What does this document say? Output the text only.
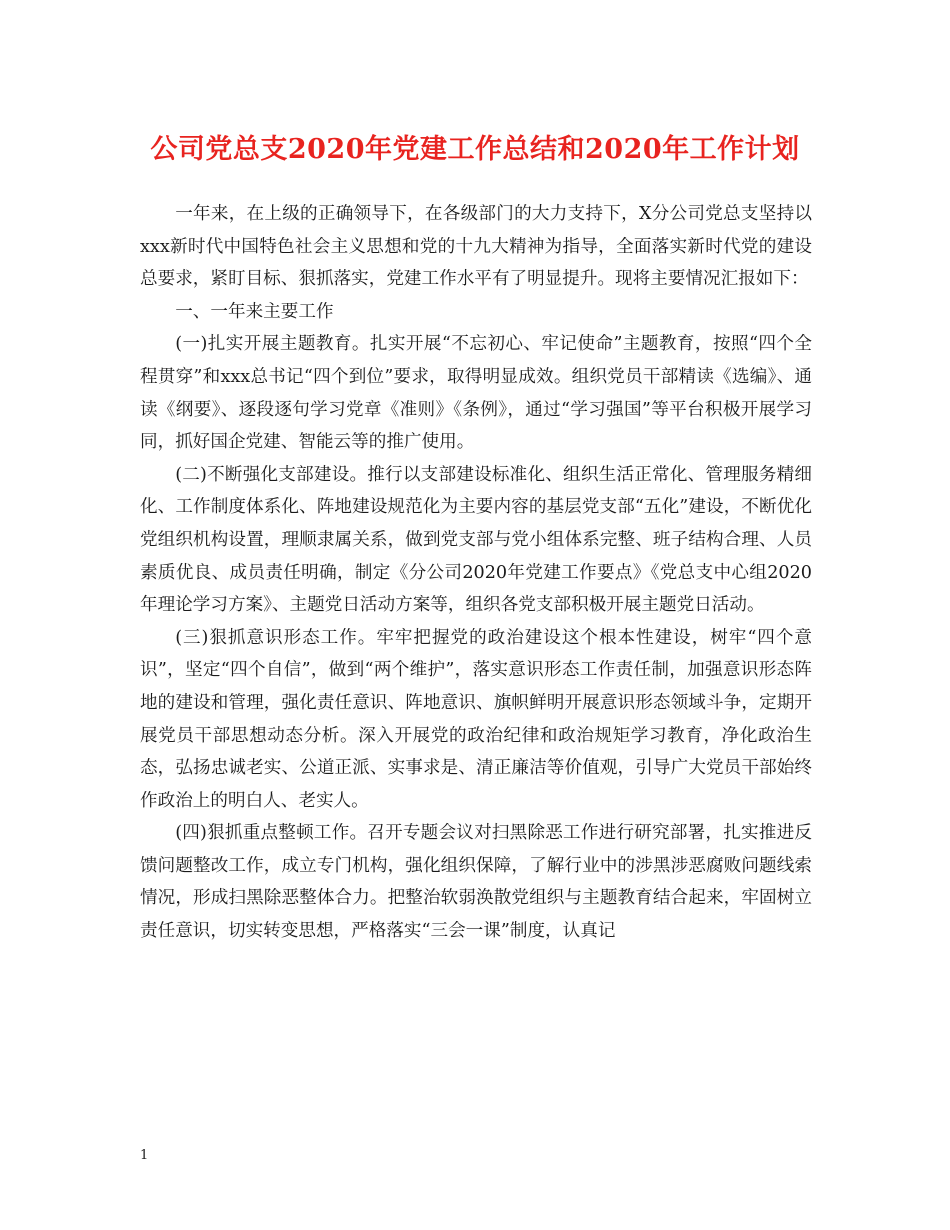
公司党总支2020年党建工作总结和2020年工作计划

一年来，在上级的正确领导下，在各级部门的大力支持下，X分公司党总支坚持以xxx新时代中国特色社会主义思想和党的十九大精神为指导，全面落实新时代党的建设总要求，紧盯目标、狠抓落实，党建工作水平有了明显提升。现将主要情况汇报如下：

一、一年来主要工作

(一)扎实开展主题教育。扎实开展“不忘初心、牢记使命”主题教育，按照“四个全程贯穿”和xxx总书记“四个到位”要求，取得明显成效。组织党员干部精读《选编》、通读《纲要》、逐段逐句学习党章《准则》《条例》，通过“学习强国”等平台积极开展学习同，抓好国企党建、智能云等的推广使用。

(二)不断强化支部建设。推行以支部建设标准化、组织生活正常化、管理服务精细化、工作制度体系化、阵地建设规范化为主要内容的基层党支部“五化”建设，不断优化党组织机构设置，理顺隶属关系，做到党支部与党小组体系完整、班子结构合理、人员素质优良、成员责任明确，制定《分公司2020年党建工作要点》《党总支中心组2020年理论学习方案》、主题党日活动方案等，组织各党支部积极开展主题党日活动。

(三)狠抓意识形态工作。牢牢把握党的政治建设这个根本性建设，树牢“四个意识”，坚定“四个自信”，做到“两个维护”，落实意识形态工作责任制，加强意识形态阵地的建设和管理，强化责任意识、阵地意识、旗帜鲜明开展意识形态领域斗争，定期开展党员干部思想动态分析。深入开展党的政治纪律和政治规矩学习教育，净化政治生态，弘扬忠诚老实、公道正派、实事求是、清正廉洁等价值观，引导广大党员干部始终作政治上的明白人、老实人。

(四)狠抓重点整顿工作。召开专题会议对扫黑除恶工作进行研究部署，扎实推进反馈问题整改工作，成立专门机构，强化组织保障，了解行业中的涉黑涉恶腐败问题线索情况，形成扫黑除恶整体合力。把整治软弱涣散党组织与主题教育结合起来，牢固树立责任意识，切实转变思想，严格落实“三会一课”制度，认真记

1
